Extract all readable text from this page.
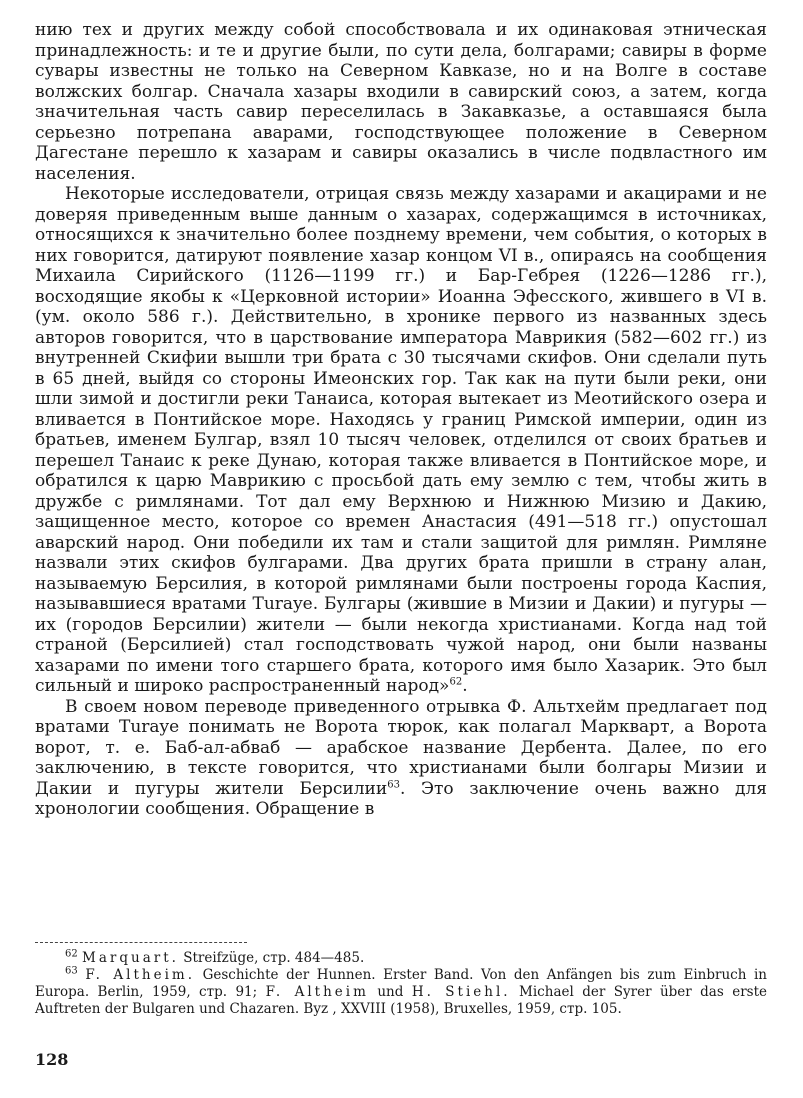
нию тех и других между собой способствовала и их одинаковая этническая принадлежность: и те и другие были, по сути дела, болгарами; савиры в форме сувары известны не только на Северном Кавказе, но и на Волге в составе волжских болгар. Сначала хазары входили в савирский союз, а затем, когда значительная часть савир переселилась в Закавказье, а оставшаяся была серьезно потрепана аварами, господствующее положение в Северном Дагестане перешло к хазарам и савиры оказались в числе подвластного им населения.

Некоторые исследователи, отрицая связь между хазарами и акацирами и не доверяя приведенным выше данным о хазарах, содержащимся в источниках, относящихся к значительно более позднему времени, чем события, о которых в них говорится, датируют появление хазар концом VI в., опираясь на сообщения Михаила Сирийского (1126—1199 гг.) и Бар-Гебрея (1226—1286 гг.), восходящие якобы к «Церковной истории» Иоанна Эфесского, жившего в VI в. (ум. около 586 г.). Действительно, в хронике первого из названных здесь авторов говорится, что в царствование императора Маврикия (582—602 гг.) из внутренней Скифии вышли три брата с 30 тысячами скифов. Они сделали путь в 65 дней, выйдя со стороны Имеонских гор. Так как на пути были реки, они шли зимой и достигли реки Танаиса, которая вытекает из Меотийского озера и вливается в Понтийское море. Находясь у границ Римской империи, один из братьев, именем Булгар, взял 10 тысяч человек, отделился от своих братьев и перешел Танаис к реке Дунаю, которая также вливается в Понтийское море, и обратился к царю Маврикию с просьбой дать ему землю с тем, чтобы жить в дружбе с римлянами. Тот дал ему Верхнюю и Нижнюю Мизию и Дакию, защищенное место, которое со времен Анастасия (491—518 гг.) опустошал аварский народ. Они победили их там и стали защитой для римлян. Римляне назвали этих скифов булгарами. Два других брата пришли в страну алан, называемую Берсилия, в которой римлянами были построены города Каспия, называвшиеся вратами Turaye. Булгары (жившие в Мизии и Дакии) и пугуры — их (городов Берсилии) жители — были некогда христианами. Когда над той страной (Берсилией) стал господствовать чужой народ, они были названы хазарами по имени того старшего брата, которого имя было Хазарик. Это был сильный и широко распространенный народ»$^{62}$.

В своем новом переводе приведенного отрывка Ф. Альтхейм предлагает под вратами Turaye понимать не Ворота тюрок, как полагал Маркварт, а Ворота ворот, т. е. Баб-ал-абваб — арабское название Дербента. Далее, по его заключению, в тексте говорится, что христианами были болгары Мизии и Дакии и пугуры жители Берсилии$^{63}$. Это заключение очень важно для хронологии сообщения. Обращение в

$^{62}$ Marquart. Streifzüge, стр. 484—485.

$^{63}$ F. Altheim. Geschichte der Hunnen. Erster Band. Von den Anfängen bis zum Einbruch in Europa. Berlin, 1959, стр. 91; F. Altheim und H. Stiehl. Michael der Syrer über das erste Auftreten der Bulgaren und Chazaren. Byz , XXVIII (1958), Bruxelles, 1959, стр. 105.

128
